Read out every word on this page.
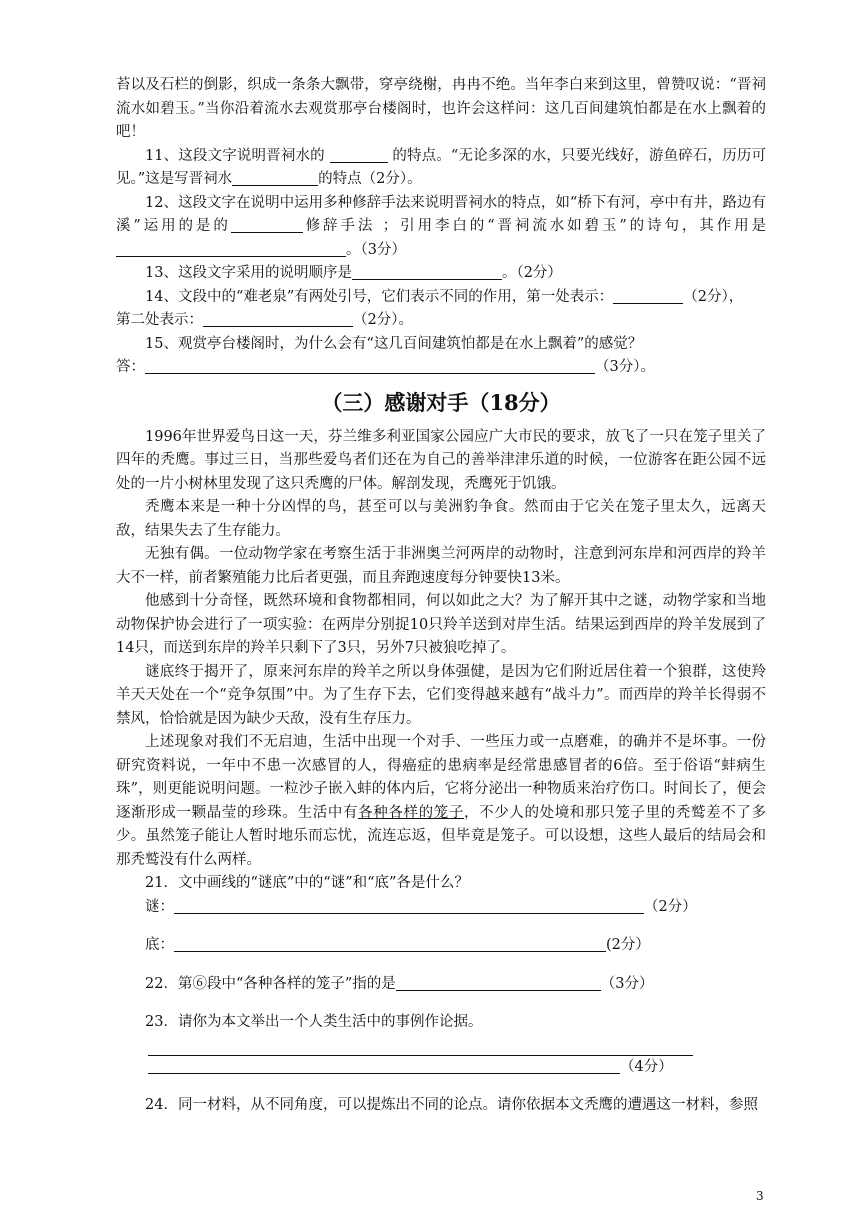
苔以及石栏的倒影，织成一条条大飘带，穿亭绕榭，冉冉不绝。当年李白来到这里，曾赞叹说：“晋祠流水如碧玉。”当你沿着流水去观赏那亭台楼阁时，也许会这样问：这几百间建筑怕都是在水上飘着的吧！

11、这段文字说明晋祠水的	的特点。“无论多深的水，只要光线好，游鱼碎石，历历可见。”这是写晋祠水	的特点（2分）。

12、这段文字在说明中运用多种修辞手法来说明晋祠水的特点，如“桥下有河，亭中有井，路边有溪”运用的是的	修辞手法 ；引用李白的“晋祠流水如碧玉”的诗句，其作用是。（3分）

13、这段文字采用的说明顺序是	。（2分）

14、文段中的“难老泉”有两处引号，它们表示不同的作用，第一处表示：	（2分），
第二处表示：	（2分）。

15、观赏亭台楼阁时，为什么会有“这几百间建筑怕都是在水上飘着”的感觉？
答：	（3分）。

（三）感谢对手（18分）

1996年世界爱鸟日这一天，芬兰维多利亚国家公园应广大市民的要求，放飞了一只在笼子里关了四年的秃鹰。事过三日，当那些爱鸟者们还在为自己的善举津津乐道的时候，一位游客在距公园不远处的一片小树林里发现了这只秃鹰的尸体。解剖发现，秃鹰死于饥饿。

秃鹰本来是一种十分凶悍的鸟，甚至可以与美洲豹争食。然而由于它关在笼子里太久，远离天敌，结果失去了生存能力。

无独有偶。一位动物学家在考察生活于非洲奥兰河两岸的动物时，注意到河东岸和河西岸的羚羊大不一样，前者繁殖能力比后者更强，而且奔跑速度每分钟要快13米。

他感到十分奇怪，既然环境和食物都相同，何以如此之大？为了解开其中之谜，动物学家和当地动物保护协会进行了一项实验：在两岸分别捉10只羚羊送到对岸生活。结果运到西岸的羚羊发展到了14只，而送到东岸的羚羊只剩下了3只，另外7只被狼吃掉了。

谜底终于揭开了，原来河东岸的羚羊之所以身体强健，是因为它们附近居住着一个狼群，这使羚羊天天处在一个“竞争氛围”中。为了生存下去，它们变得越来越有“战斗力”。而西岸的羚羊长得弱不禁风，恰恰就是因为缺少天敌，没有生存压力。

上述现象对我们不无启迪，生活中出现一个对手、一些压力或一点磨难，的确并不是坏事。一份研究资料说，一年中不患一次感冒的人，得癌症的患病率是经常患感冒者的6倍。至于俗语“蚌病生珠”，则更能说明问题。一粒沙子嵌入蚌的体内后，它将分泌出一种物质来治疗伤口。时间长了，便会逐渐形成一颗晶莹的珍珠。生活中有各种各样的笼子，不少人的处境和那只笼子里的秃鹫差不了多少。虽然笼子能让人暂时地乐而忘忧，流连忘返，但毕竟是笼子。可以设想，这些人最后的结局会和那秃鹫没有什么两样。

21．文中画线的“谜底”中的“谜”和“底”各是什么？

谜：	（2分）

底：	(2分）

22．第⑥段中“各种各样的笼子”指的是	（3分）

23．请你为本文举出一个人类生活中的事例作论据。

（4分）

24．同一材料，从不同角度，可以提炼出不同的论点。请你依据本文秃鹰的遭遇这一材料，参照

3
